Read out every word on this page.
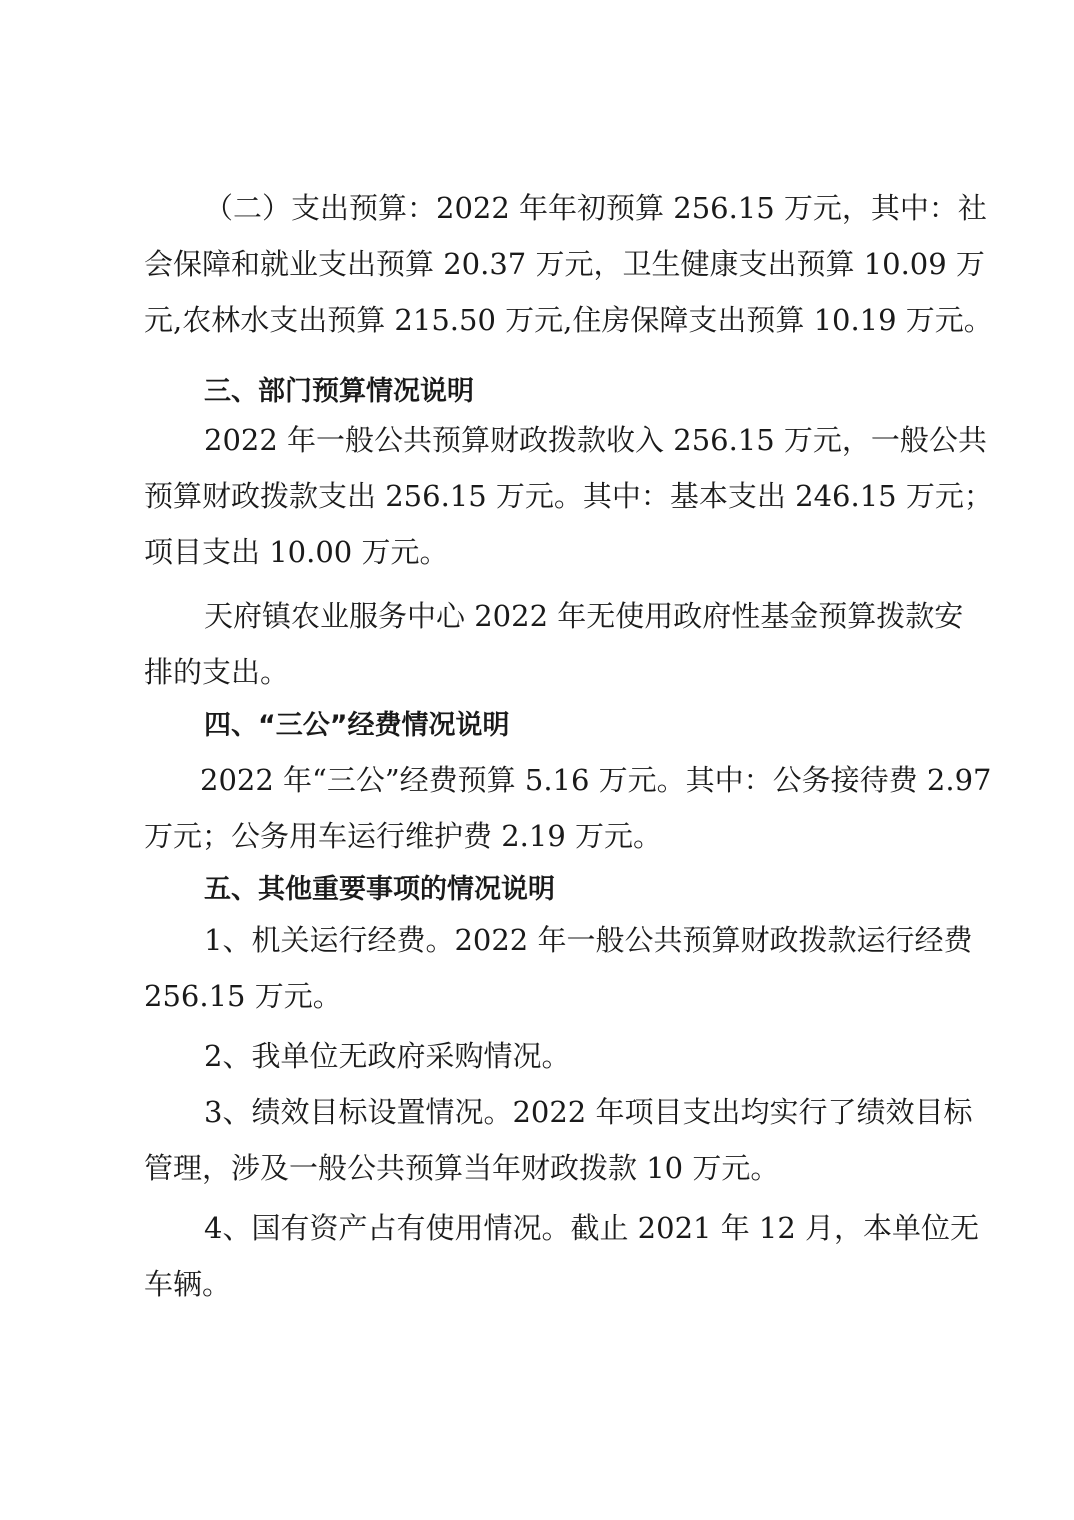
（二）支出预算：2022 年年初预算 256.15 万元，其中：社
会保障和就业支出预算 20.37 万元，卫生健康支出预算 10.09 万
元,农林水支出预算 215.50 万元,住房保障支出预算 10.19 万元。
三、部门预算情况说明
2022 年一般公共预算财政拨款收入 256.15 万元，一般公共
预算财政拨款支出 256.15 万元。其中：基本支出 246.15 万元；
项目支出 10.00 万元。
天府镇农业服务中心 2022 年无使用政府性基金预算拨款安
排的支出。
四、“三公”经费情况说明
2022 年“三公”经费预算 5.16 万元。其中：公务接待费 2.97
万元；公务用车运行维护费 2.19 万元。
五、其他重要事项的情况说明
1、机关运行经费。2022 年一般公共预算财政拨款运行经费
256.15 万元。
2、我单位无政府采购情况。
3、绩效目标设置情况。2022 年项目支出均实行了绩效目标
管理，涉及一般公共预算当年财政拨款 10 万元。
4、国有资产占有使用情况。截止 2021 年 12 月，本单位无
车辆。
